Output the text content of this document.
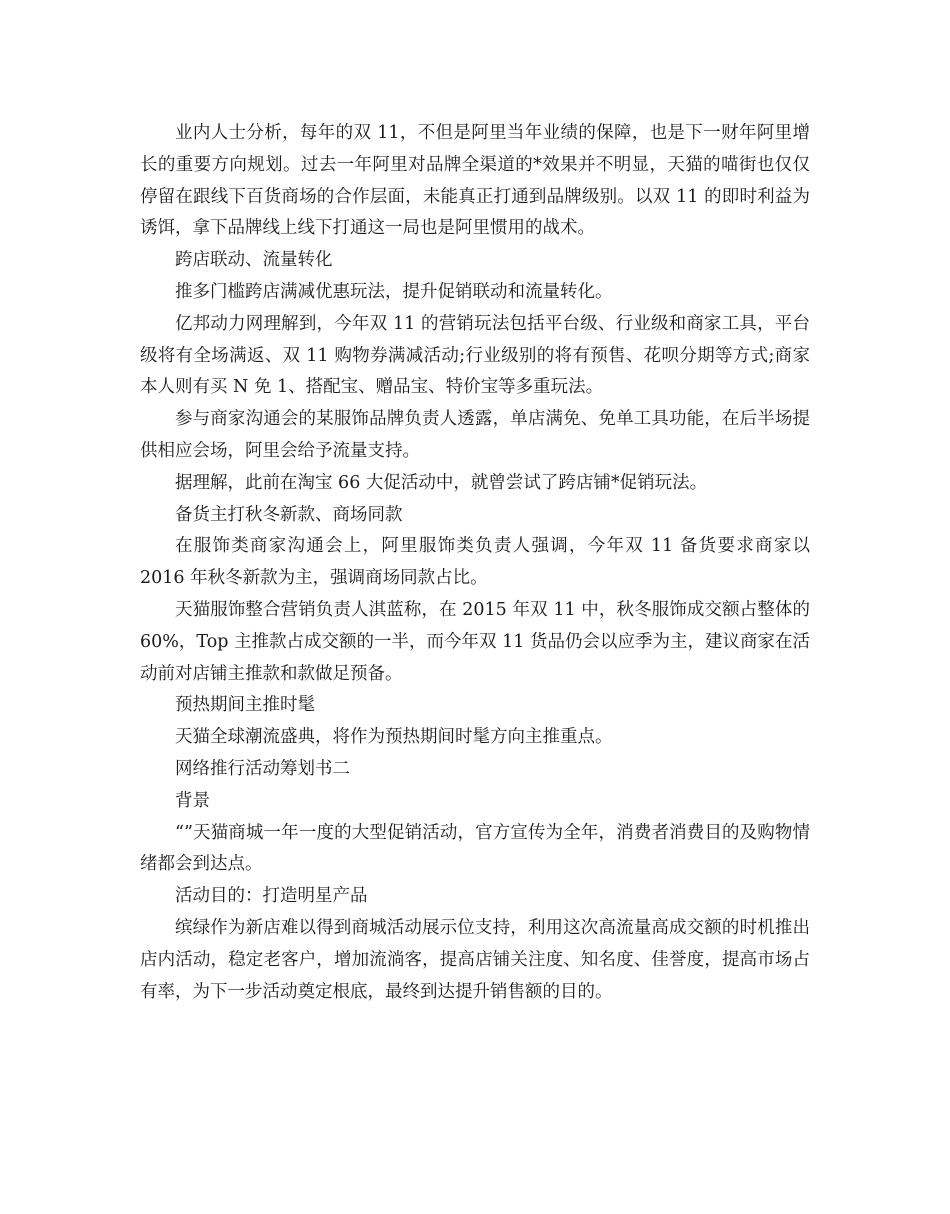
业内人士分析，每年的双 11，不但是阿里当年业绩的保障，也是下一财年阿里增长的重要方向规划。过去一年阿里对品牌全渠道的*效果并不明显，天猫的喵街也仅仅停留在跟线下百货商场的合作层面，未能真正打通到品牌级别。以双 11 的即时利益为诱饵，拿下品牌线上线下打通这一局也是阿里惯用的战术。

跨店联动、流量转化

推多门槛跨店满减优惠玩法，提升促销联动和流量转化。

亿邦动力网理解到，今年双 11 的营销玩法包括平台级、行业级和商家工具，平台级将有全场满返、双 11 购物券满减活动;行业级别的将有预售、花呗分期等方式;商家本人则有买 N 免 1、搭配宝、赠品宝、特价宝等多重玩法。

参与商家沟通会的某服饰品牌负责人透露，单店满免、免单工具功能，在后半场提供相应会场，阿里会给予流量支持。

据理解，此前在淘宝 66 大促活动中，就曾尝试了跨店铺*促销玩法。

备货主打秋冬新款、商场同款

在服饰类商家沟通会上，阿里服饰类负责人强调，今年双 11 备货要求商家以 2016 年秋冬新款为主，强调商场同款占比。

天猫服饰整合营销负责人淇蓝称，在 2015 年双 11 中，秋冬服饰成交额占整体的 60%，Top 主推款占成交额的一半，而今年双 11 货品仍会以应季为主，建议商家在活动前对店铺主推款和款做足预备。

预热期间主推时髦

天猫全球潮流盛典，将作为预热期间时髦方向主推重点。

网络推行活动筹划书二

背景

“”天猫商城一年一度的大型促销活动，官方宣传为全年，消费者消费目的及购物情绪都会到达点。

活动目的：打造明星产品

缤绿作为新店难以得到商城活动展示位支持，利用这次高流量高成交额的时机推出店内活动，稳定老客户，增加流淌客，提高店铺关注度、知名度、佳誉度，提高市场占有率，为下一步活动奠定根底，最终到达提升销售额的目的。
